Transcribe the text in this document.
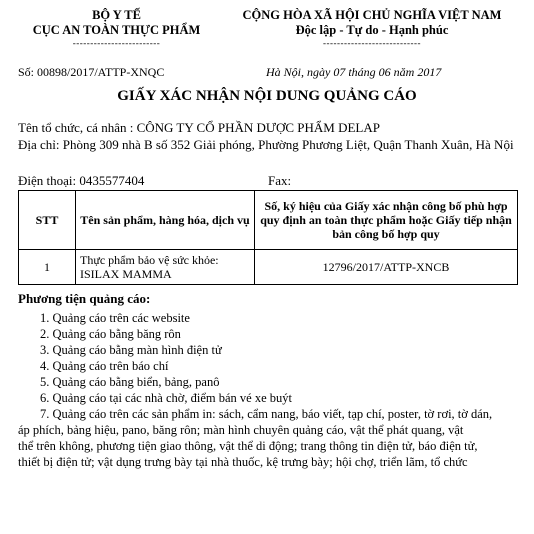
BỘ Y TẾ
CỤC AN TOÀN THỰC PHẨM
-------------------------
CỘNG HÒA XÃ HỘI CHỦ NGHĨA VIỆT NAM
Độc lập - Tự do - Hạnh phúc
----------------------------
Số: 00898/2017/ATTP-XNQC	Hà Nội, ngày 07 tháng 06 năm 2017
GIẤY XÁC NHẬN NỘI DUNG QUẢNG CÁO
Tên tổ chức, cá nhân : CÔNG TY CỔ PHẦN DƯỢC PHẨM DELAP
Địa chỉ: Phòng 309 nhà B số 352 Giải phóng, Phường Phương Liệt, Quận Thanh Xuân, Hà Nội
Điện thoại: 0435577404	Fax:
STT	Tên sản phẩm, hàng hóa, dịch vụ	Số, ký hiệu của Giấy xác nhận công bố phù hợp quy định an toàn thực phẩm hoặc Giấy tiếp nhận bản công bố hợp quy
1	Thực phẩm bảo vệ sức khỏe: ISILAX MAMMA	12796/2017/ATTP-XNCB
Phương tiện quảng cáo:
1. Quảng cáo trên các website
2. Quảng cáo bằng băng rôn
3. Quảng cáo bằng màn hình điện tử
4. Quảng cáo trên báo chí
5. Quảng cáo bằng biển, bảng, panô
6. Quảng cáo tại các nhà chờ, điểm bán vé xe buýt
7. Quảng cáo trên các sản phẩm in: sách, cẩm nang, báo viết, tạp chí, poster, tờ rơi, tờ dán,
áp phích, bảng hiệu, pano, băng rôn; màn hình chuyên quảng cáo, vật thể phát quang, vật
thể trên không, phương tiện giao thông, vật thể di động; trang thông tin điện tử, báo điện tử,
thiết bị điện tử; vật dụng trưng bày tại nhà thuốc, kệ trưng bày; hội chợ, triển lãm, tổ chức
